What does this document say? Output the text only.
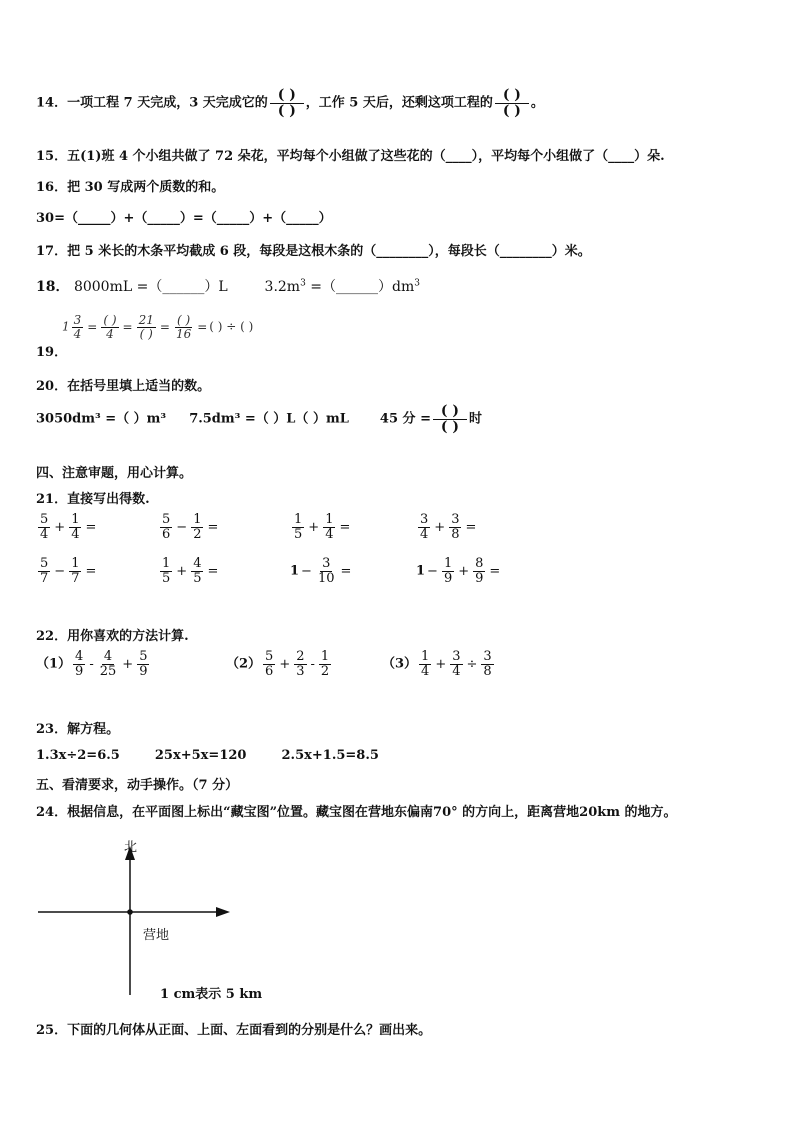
14．一项工程 7 天完成，3 天完成它的 $\frac{( )}{( )}$ ，工作 5 天后，还剩这项工程的 $\frac{( )}{( )}$ 。
15．五(1)班 4 个小组共做了 72 朵花，平均每个小组做了这些花的（____），平均每个小组做了（____）朵.
16．把 30 写成两个质数的和。
30=（_____）+（_____）=（_____）+（_____）
17．把 5 米长的木条平均截成 6 段，每段是这根木条的（________），每段长（________）米。
18． 8000mL =（______）L	$3.2m^3$ $=(\_\_\_\_\_\_)dm^3$
19．
$1 \frac{3}{4} = \frac{( )}{4} = \frac{21}{( )} = \frac{( )}{16}$ = ( ) ÷ ( )
20．在括号里填上适当的数。
3050dm³ =（ ）m³ 7.5dm³ =（ ）L（ ）mL 45 分 = $\frac{( )}{( )}$ 时
四、注意审题，用心计算。
21．直接写出得数.
$\frac{5}{4} + \frac{1}{4}$ =	$\frac{5}{6} - \frac{1}{2}$ =	$\frac{1}{5} + \frac{1}{4}$ =	$\frac{3}{4} + \frac{3}{8}$ =
$\frac{5}{7} - \frac{1}{7}$ =	$\frac{1}{5} + \frac{4}{5}$ =	$1 - \frac{3}{10}$ =	$1 - \frac{1}{9} + \frac{8}{9}$ =
22．用你喜欢的方法计算.
$(1) \frac{4}{9} - \frac{4}{25} + \frac{5}{9}$	$(2) \frac{5}{6} + \frac{2}{3} - \frac{1}{2}$	$(3) \frac{1}{4} + \frac{3}{4} \div \frac{3}{8}$
23．解方程。
1.3x÷2=6.5	25x+5x=120	2.5x+1.5=8.5
五、看清要求，动手操作。（7 分）
24．根据信息，在平面图上标出“藏宝图”位置。藏宝图在营地东偏南70° 的方向上，距离营地20km 的地方。
北
营地
1 cm表示 5 km
25．下面的几何体从正面、上面、左面看到的分别是什么？画出来。
